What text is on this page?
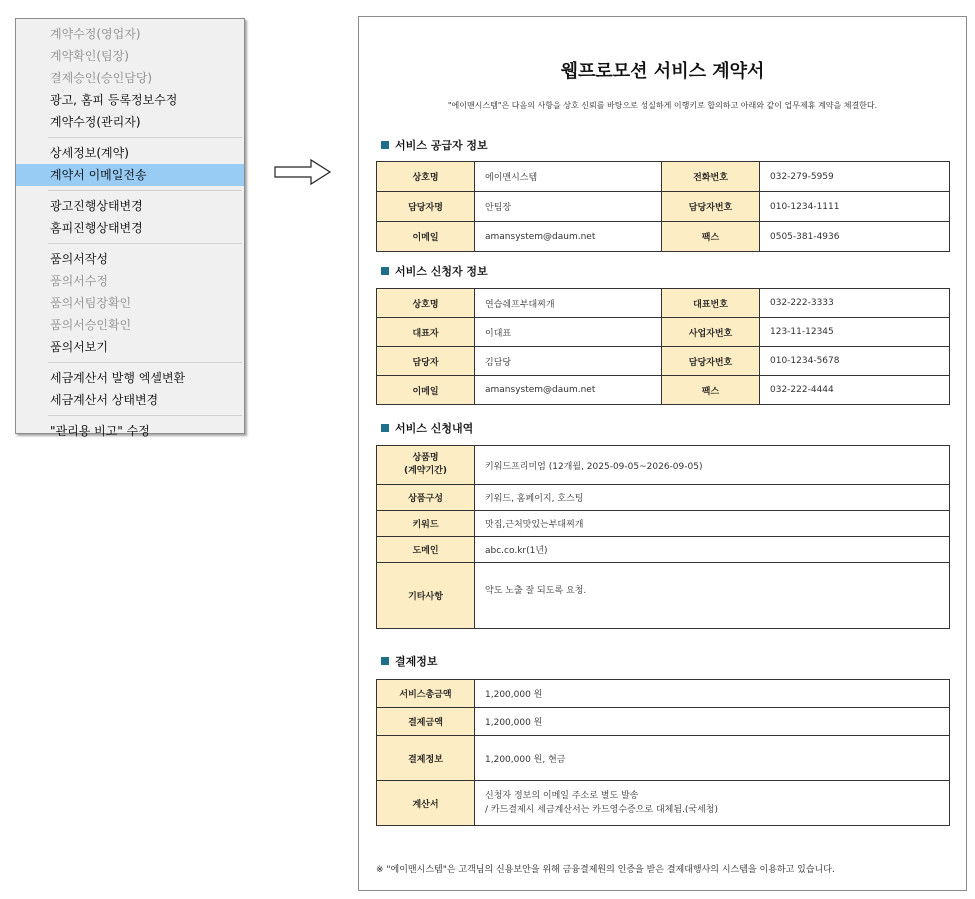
계약수정(영업자)
계약확인(팀장)
결제승인(승인담당)
광고, 홈피 등록정보수정
계약수정(관리자)
상세정보(계약)
계약서 이메일전송
광고진행상태변경
홈피진행상태변경
품의서작성
품의서수정
품의서팀장확인
품의서승인확인
품의서보기
세금계산서 발행 엑셀변환
세금계산서 상태변경
"관리용 비고" 수정
웹프로모션 서비스 계약서
"에이맨시스템"은 다음의 사항을 상호 신뢰를 바탕으로 성실하게 이행키로 합의하고 아래와 같이 업무제휴 계약을 체결한다.
서비스 공급자 정보
상호명	에이맨시스템	전화번호	032-279-5959
담당자명	안팀장	담당자번호	010-1234-1111
이메일	amansystem@daum.net	팩스	0505-381-4936
서비스 신청자 정보
상호명	연습쉐프부대찌개	대표번호	032-222-3333
대표자	이대표	사업자번호	123-11-12345
담당자	김담당	담당자번호	010-1234-5678
이메일	amansystem@daum.net	팩스	032-222-4444
서비스 신청내역
상품명
(계약기간)	키워드프리미엄 (12개월, 2025-09-05~2026-09-05)
상품구성	키워드, 홈페이지, 호스팅
키워드	맛집,근처맛있는부대찌개
도메인	abc.co.kr(1년)
기타사항	약도 노출 잘 되도록 요청.
결제정보
서비스총금액	1,200,000 원
결제금액	1,200,000 원
결제정보	1,200,000 원, 현금
계산서	신청자 정보의 이메일 주소로 별도 발송
/ 카드결제시 세금계산서는 카드영수증으로 대체됨.(국세청)
※ "에이맨시스템"은 고객님의 신용보안을 위해 금융결제원의 인증을 받은 결제대행사의 시스템을 이용하고 있습니다.
